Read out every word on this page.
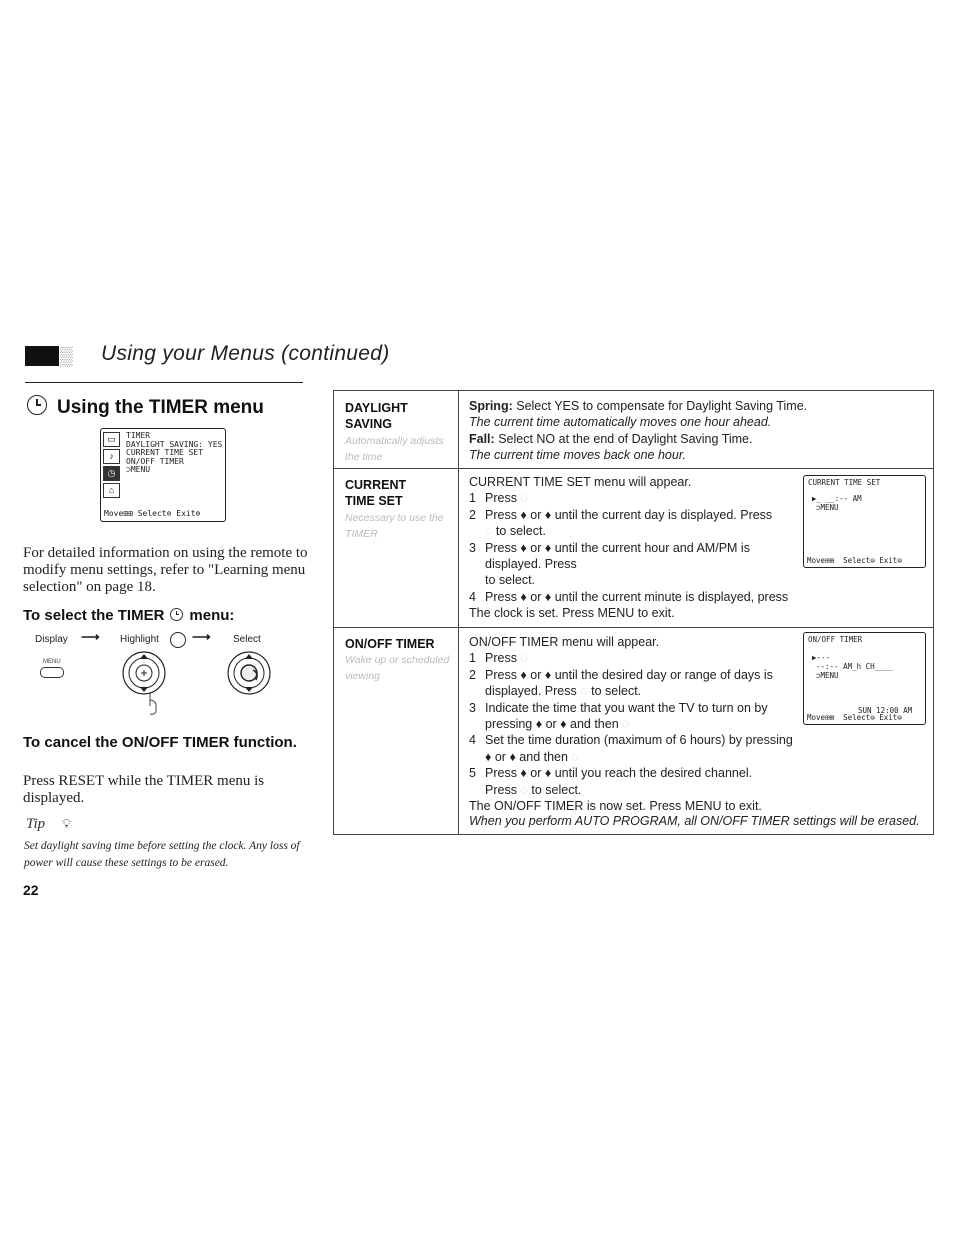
▒ Using your Menus (continued)
Using the TIMER menu
▭
♪
◷
⌂
TIMER
DAYLIGHT SAVING: YES
CURRENT TIME SET
ON/OFF TIMER
⊃MENU
Move⊞⊞ Select⊜ Exit⊜
For detailed information on using the remote to modify menu settings, refer to "Learning menu selection" on page 18.
To select the TIMER menu:
Display ⟶ Highlight	⟶ Select
MENU
To cancel the ON/OFF TIMER function.
Press RESET while the TIMER menu is displayed.
Tip 💡︎
Set daylight saving time before setting the clock. Any loss of power will cause these settings to be erased.
22
DAYLIGHT
SAVING
Automatically adjusts the time
Spring: Select YES to compensate for Daylight Saving Time.
The current time automatically moves one hour ahead.
Fall: Select NO at the end of Daylight Saving Time.
The current time moves back one hour.
CURRENT
TIME SET
Necessary to use the TIMER
CURRENT TIME SET menu will appear.
1 Press ◌
2 Press ♦ or ♦ until the current day is displayed. Press
◌ to select.
3 Press ♦ or ♦ until the current hour and AM/PM is displayed. Press
to select.
4 Press ♦ or ♦ until the current minute is displayed, press
The clock is set. Press MENU to exit.
CURRENT TIME SET
▶_ __:-- AM
⊃MENU
Move⊞⊞  Select⊜ Exit⊜
ON/OFF TIMER
Wake up or scheduled viewing
ON/OFF TIMER menu will appear.
1 Press ◌
2 Press ♦ or ♦ until the desired day or range of days is displayed. Press ◌ to select.
3 Indicate the time that you want the TV to turn on by pressing ♦ or ♦ and then ◌
4 Set the time duration (maximum of 6 hours) by pressing ♦ or ♦ and then ◌
5 Press ♦ or ♦ until you reach the desired channel.
Press ◌ to select.
The ON/OFF TIMER is now set. Press MENU to exit.
When you perform AUTO PROGRAM, all ON/OFF TIMER settings will be erased.
ON/OFF TIMER
▶---
--:-- AM_h CH____
⊃MENU
SUN 12:00 AM
Move⊞⊞  Select⊜ Exit⊜
